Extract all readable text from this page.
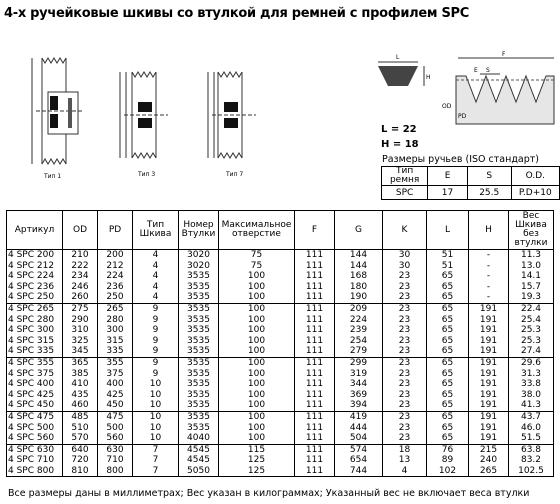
4-х ручейковые шкивы со втулкой для ремней с профилем SPC
Тип 1	Тип 3	Тип 7
L
H
F
S
E
OD
PD
L = 22
H = 18
Размеры ручьев (ISO стандарт)
Тип ремня	E	S	O.D.
SPC	17	25.5	P.D+10
Артикул	OD	PD	Тип Шкива	Номер Втулки	Максимальное отверстие	F	G	K	L	H	Вес Шкива без втулки
4 SPC 200	210	200	4	3020	75	111	144	30	51	-	11.3
4 SPC 212	222	212	4	3020	75	111	144	30	51	-	13.0
4 SPC 224	234	224	4	3535	100	111	168	23	65	-	14.1
4 SPC 236	246	236	4	3535	100	111	180	23	65	-	15.7
4 SPC 250	260	250	4	3535	100	111	190	23	65	-	19.3
4 SPC 265	275	265	9	3535	100	111	209	23	65	191	22.4
4 SPC 280	290	280	9	3535	100	111	224	23	65	191	25.4
4 SPC 300	310	300	9	3535	100	111	239	23	65	191	25.3
4 SPC 315	325	315	9	3535	100	111	254	23	65	191	25.3
4 SPC 335	345	335	9	3535	100	111	279	23	65	191	27.4
4 SPC 355	365	355	9	3535	100	111	299	23	65	191	29.6
4 SPC 375	385	375	9	3535	100	111	319	23	65	191	31.3
4 SPC 400	410	400	10	3535	100	111	344	23	65	191	33.8
4 SPC 425	435	425	10	3535	100	111	369	23	65	191	38.0
4 SPC 450	460	450	10	3535	100	111	394	23	65	191	41.3
4 SPC 475	485	475	10	3535	100	111	419	23	65	191	43.7
4 SPC 500	510	500	10	3535	100	111	444	23	65	191	46.0
4 SPC 560	570	560	10	4040	100	111	504	23	65	191	51.5
4 SPC 630	640	630	7	4545	115	111	574	18	76	215	63.8
4 SPC 710	720	710	7	4545	125	111	654	13	89	240	83.2
4 SPC 800	810	800	7	5050	125	111	744	4	102	265	102.5
Все размеры даны в миллиметрах; Вес указан в килограммах; Указанный вес не включает веса втулки
